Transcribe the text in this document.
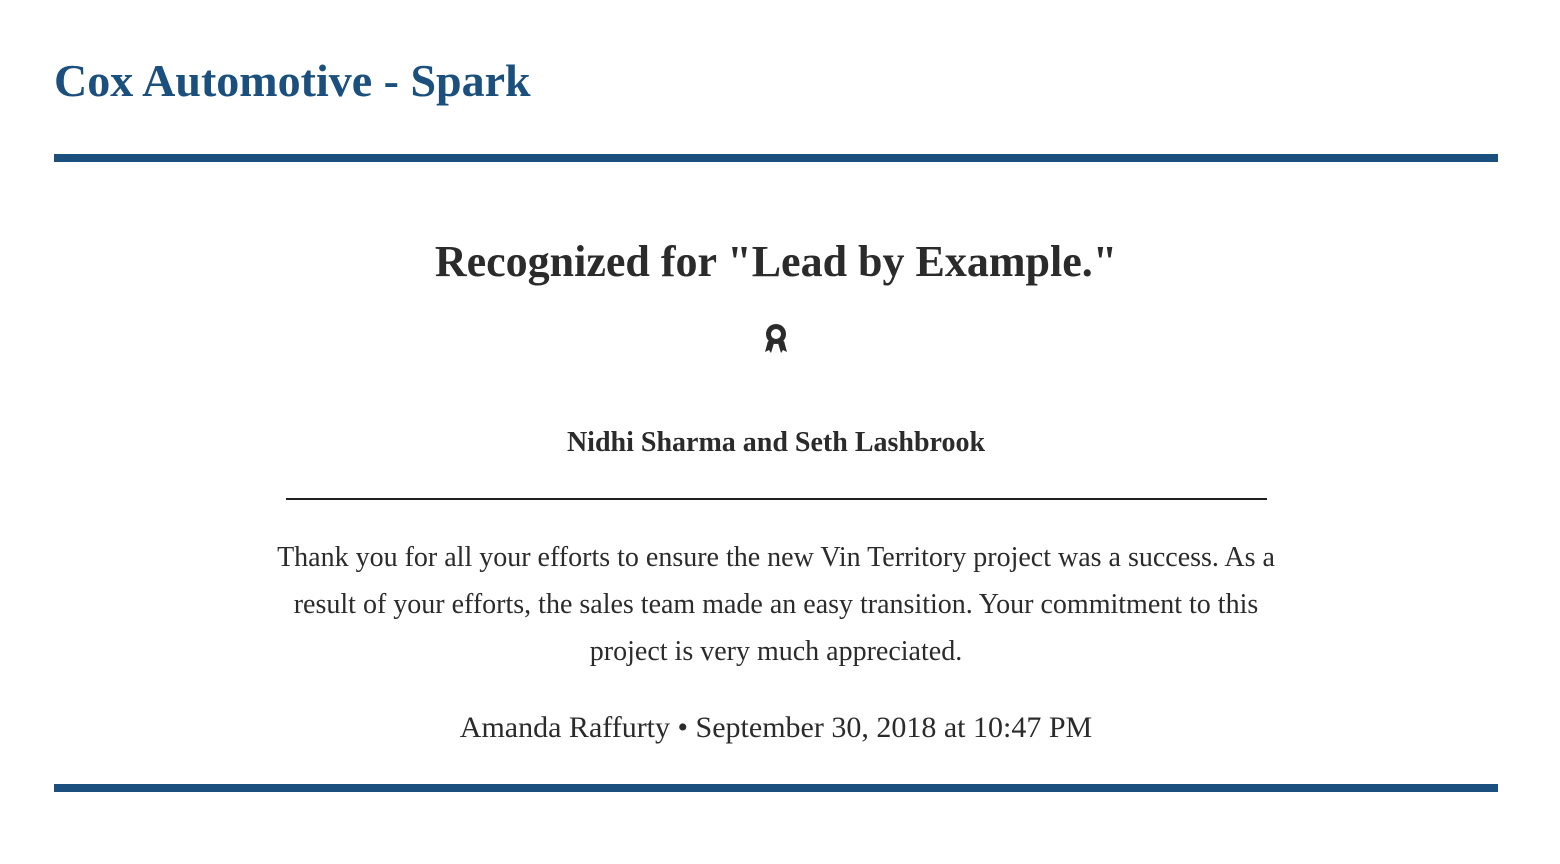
Cox Automotive - Spark
Recognized for "Lead by Example."
Nidhi Sharma and Seth Lashbrook

Thank you for all your efforts to ensure the new Vin Territory project was a success. As a result of your efforts, the sales team made an easy transition. Your commitment to this project is very much appreciated.

Amanda Raffurty • September 30, 2018 at 10:47 PM
